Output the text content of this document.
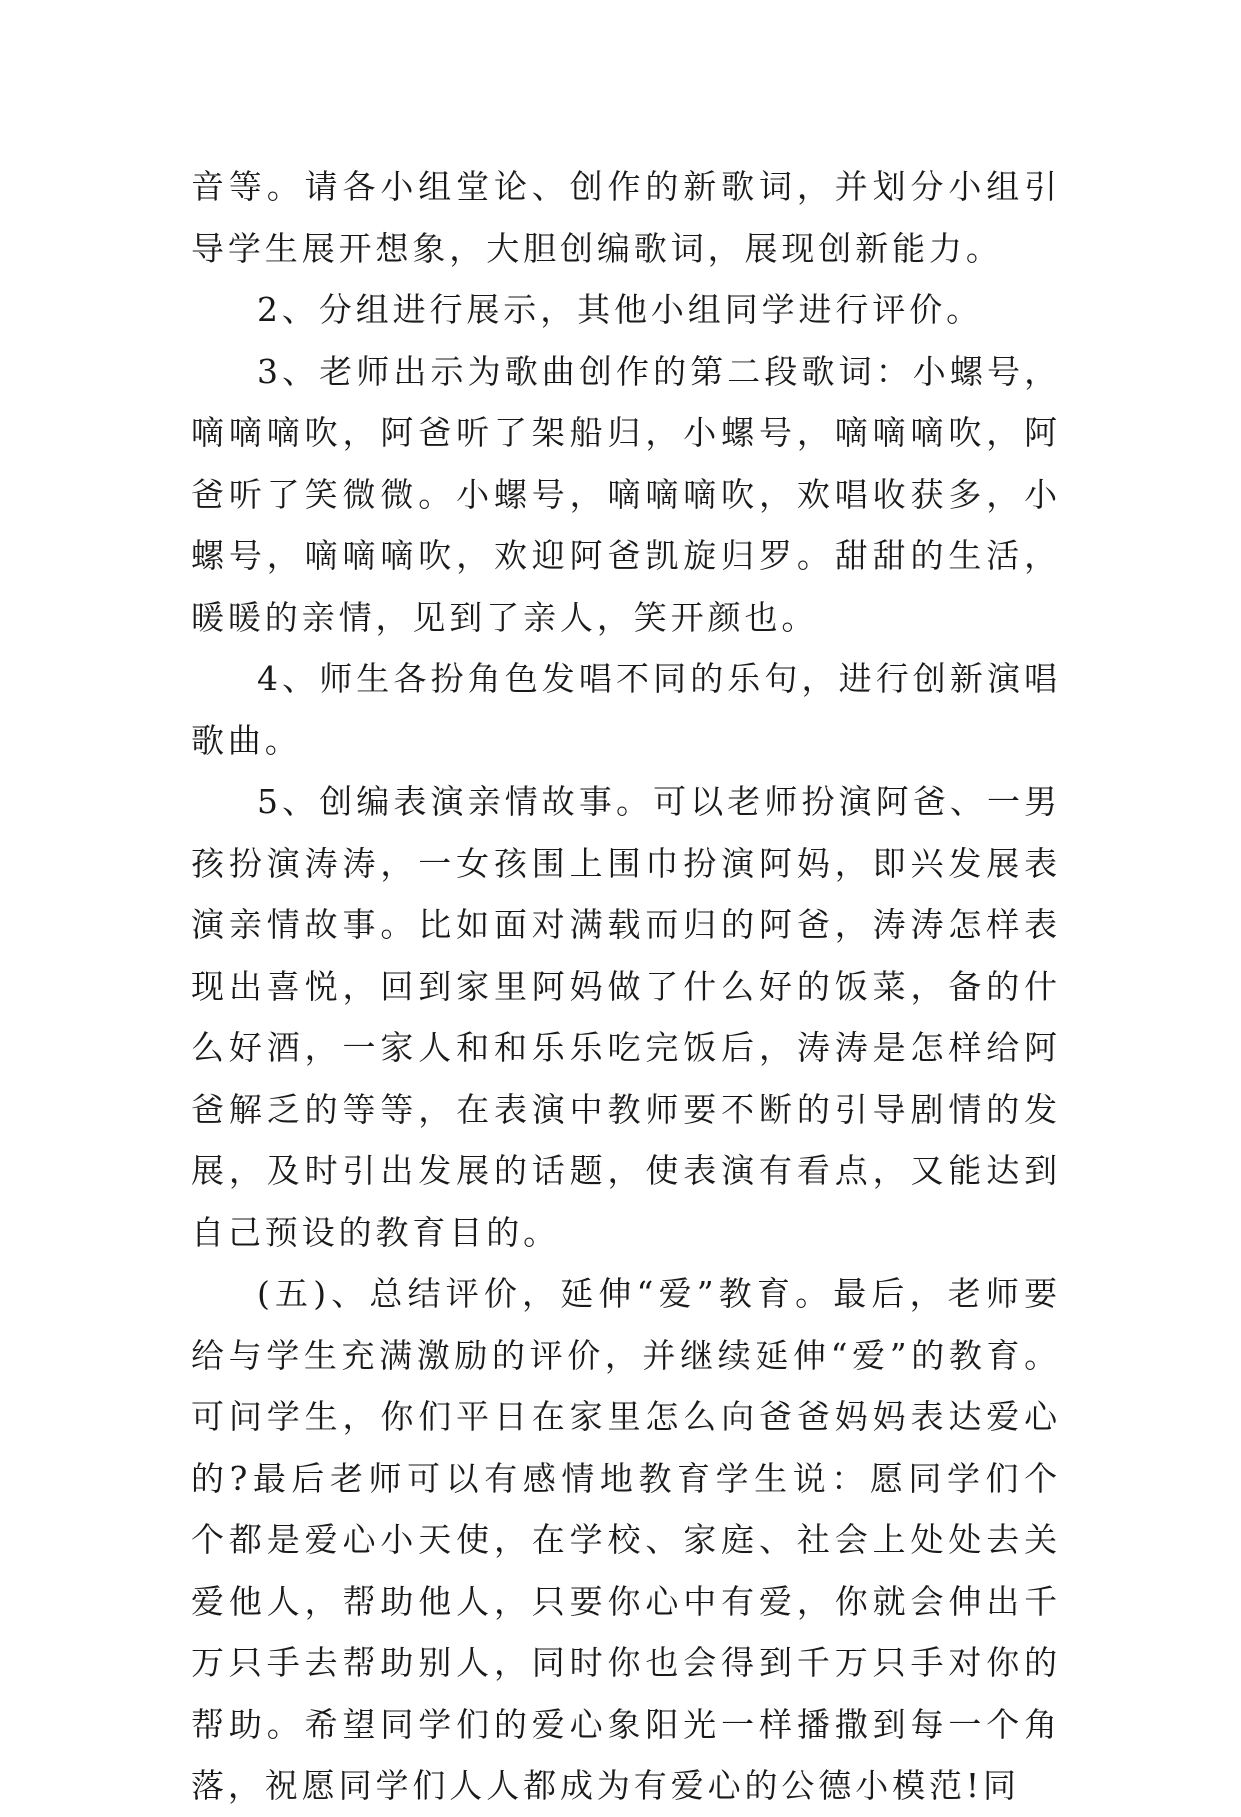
音等。请各小组堂论、创作的新歌词，并划分小组引导学生展开想象，大胆创编歌词，展现创新能力。

2、分组进行展示，其他小组同学进行评价。

3、老师出示为歌曲创作的第二段歌词：小螺号，嘀嘀嘀吹，阿爸听了架船归，小螺号，嘀嘀嘀吹，阿爸听了笑微微。小螺号，嘀嘀嘀吹，欢唱收获多，小螺号，嘀嘀嘀吹，欢迎阿爸凯旋归罗。甜甜的生活，暖暖的亲情，见到了亲人，笑开颜也。

4、师生各扮角色发唱不同的乐句，进行创新演唱歌曲。

5、创编表演亲情故事。可以老师扮演阿爸、一男孩扮演涛涛，一女孩围上围巾扮演阿妈，即兴发展表演亲情故事。比如面对满载而归的阿爸，涛涛怎样表现出喜悦，回到家里阿妈做了什么好的饭菜，备的什么好酒，一家人和和乐乐吃完饭后，涛涛是怎样给阿爸解乏的等等，在表演中教师要不断的引导剧情的发展，及时引出发展的话题，使表演有看点，又能达到自己预设的教育目的。

(五)、总结评价，延伸“爱”教育。最后，老师要给与学生充满激励的评价，并继续延伸“爱”的教育。可问学生，你们平日在家里怎么向爸爸妈妈表达爱心的?最后老师可以有感情地教育学生说：愿同学们个个都是爱心小天使，在学校、家庭、社会上处处去关爱他人，帮助他人，只要你心中有爱，你就会伸出千万只手去帮助别人，同时你也会得到千万只手对你的帮助。希望同学们的爱心象阳光一样播撒到每一个角落，祝愿同学们人人都成为有爱心的公德小模范!同
